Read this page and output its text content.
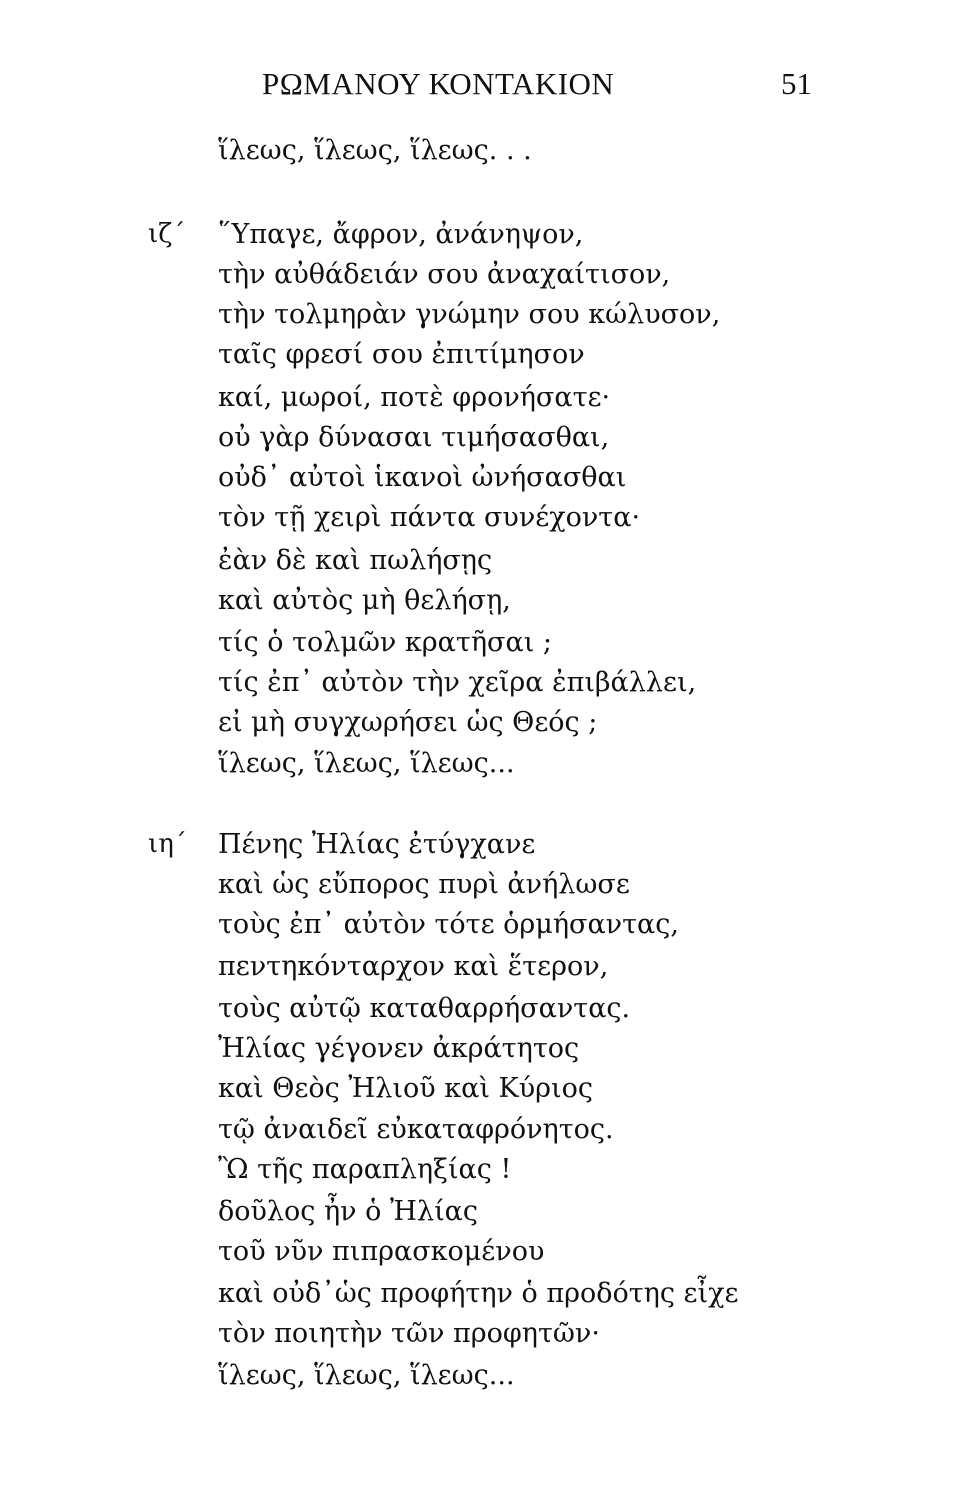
ΡΩΜΑΝΟΥ ΚΟΝΤΑΚΙΟΝ	51
ἵλεως, ἵλεως, ἵλεως. . .
ιζ΄ ῞Υπαγε, ἄφρον, ἀνάνηψον,
τὴν αὐθάδειάν σου ἀναχαίτισον,
τὴν τολμηρὰν γνώμην σου κώλυσον,
ταῖς φρεσί σου ἐπιτίμησον
καί, μωροί, ποτὲ φρονήσατε·
οὐ γὰρ δύνασαι τιμήσασθαι,
οὐδ᾿ αὐτοὶ ἱκανοὶ ὠνήσασθαι
τὸν τῇ χειρὶ πάντα συνέχοντα·
ἐὰν δὲ καὶ πωλήσῃς
καὶ αὐτὸς μὴ θελήσῃ,
τίς ὁ τολμῶν κρατῆσαι ;
τίς ἐπ᾿ αὐτὸν τὴν χεῖρα ἐπιβάλλει,
εἰ μὴ συγχωρήσει ὡς Θεός ;
ἵλεως, ἵλεως, ἵλεως...
ιη΄ Πένης Ἠλίας ἐτύγχανε
καὶ ὡς εὔπορος πυρὶ ἀνήλωσε
τοὺς ἐπ᾿ αὐτὸν τότε ὁρμήσαντας,
πεντηκόνταρχον καὶ ἕτερον,
τοὺς αὐτῷ καταθαρρήσαντας.
Ἠλίας γέγονεν ἀκράτητος
καὶ Θεὸς Ἠλιοῦ καὶ Κύριος
τῷ ἀναιδεῖ εὐκαταφρόνητος.
Ὢ τῆς παραπληξίας !
δοῦλος ἦν ὁ Ἠλίας
τοῦ νῦν πιπρασκομένου
καὶ οὐδ᾿ὡς προφήτην ὁ προδότης εἶχε
τὸν ποιητὴν τῶν προφητῶν·
ἵλεως, ἵλεως, ἵλεως...
